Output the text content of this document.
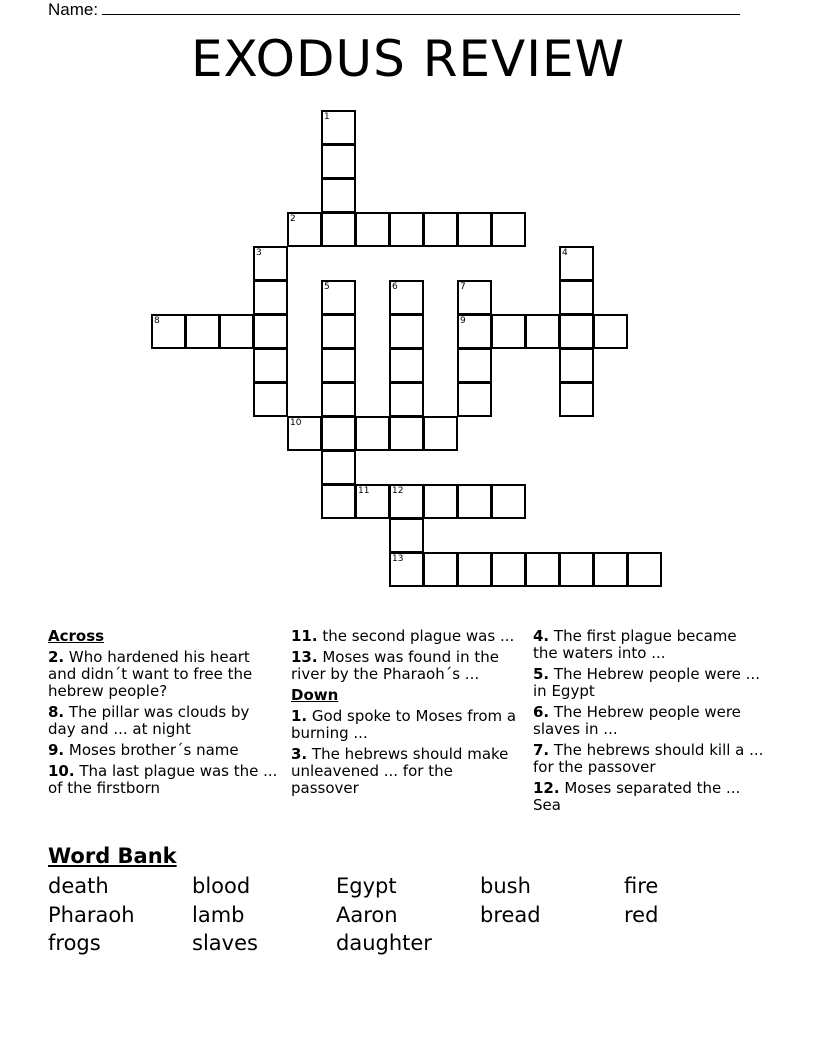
Name:
EXODUS REVIEW
1
2
3	4
5	6	7
9
8
10
11	12
13
Across
2. Who hardened his heart and didn´t want to free the hebrew people?
8. The pillar was clouds by day and ... at night
9. Moses brother´s name
10. Tha last plague was the ... of the firstborn
11. the second plague was ...
13. Moses was found in the river by the Pharaoh´s ...
Down
1. God spoke to Moses from a burning ...
3. The hebrews should make unleavened ... for the passover
4. The first plague became the waters into ...
5. The Hebrew people were ... in Egypt
6. The Hebrew people were slaves in ...
7. The hebrews should kill a ... for the passover
12. Moses separated the ... Sea
Word Bank
death	blood	Egypt	bush	fire
Pharaoh	lamb	Aaron	bread	red
frogs	slaves	daughter
